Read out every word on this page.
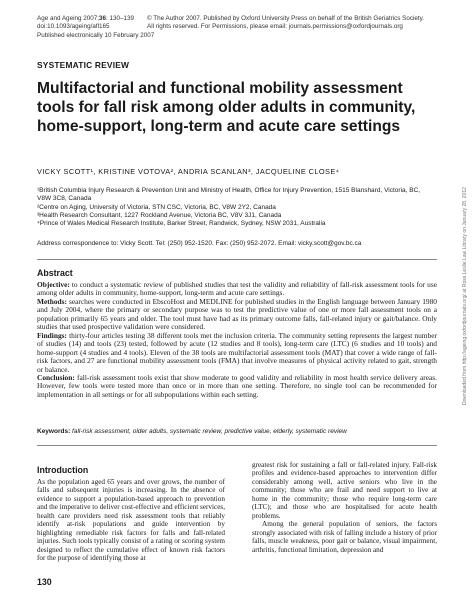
Age and Ageing 2007;36: 130–139 © The Author 2007. Published by Oxford University Press on behalf of the British Geriatrics Society.
doi:10.1093/ageing/afl165	All rights reserved. For Permissions, please email: journals.permissions@oxfordjournals.org
Published electronically 10 February 2007
SYSTEMATIC REVIEW
Multifactorial and functional mobility assessment tools for fall risk among older adults in community, home-support, long-term and acute care settings
VICKY SCOTT¹, KRISTINE VOTOVA², ANDRIA SCANLAN³, JACQUELINE CLOSE⁴

¹British Columbia Injury Research & Prevention Unit and Ministry of Health, Office for Injury Prevention, 1515 Blanshard, Victoria, BC, V8W 3C8, Canada

²Centre on Aging, University of Victoria, STN CSC, Victoria, BC, V8W 2Y2, Canada

³Health Research Consultant, 1227 Rockland Avenue, Victoria BC, V8V 3J1, Canada

⁴Prince of Wales Medical Research Institute, Barker Street, Randwick, Sydney, NSW 2031, Australia

Address correspondence to: Vicky Scott. Tel: (250) 952-1520. Fax: (250) 952-2072. Email: vicky.scott@gov.bc.ca
Abstract

Objective: to conduct a systematic review of published studies that test the validity and reliability of fall-risk assessment tools for use among older adults in community, home-support, long-term and acute care settings.

Methods: searches were conducted in EbscoHost and MEDLINE for published studies in the English language between January 1980 and July 2004, where the primary or secondary purpose was to test the predictive value of one or more fall assessment tools on a population primarily 65 years and older. The tool must have had as its primary outcome falls, fall-related injury or gait/balance. Only studies that used prospective validation were considered.

Findings: thirty-four articles testing 38 different tools met the inclusion criteria. The community setting represents the largest number of studies (14) and tools (23) tested, followed by acute (12 studies and 8 tools), long-term care (LTC) (6 studies and 10 tools) and home-support (4 studies and 4 tools). Eleven of the 38 tools are multifactorial assessment tools (MAT) that cover a wide range of fall-risk factors, and 27 are functional mobility assessment tools (FMA) that involve measures of physical activity related to gait, strength or balance.

Conclusion: fall-risk assessment tools exist that show moderate to good validity and reliability in most health service delivery areas. However, few tools were tested more than once or in more than one setting. Therefore, no single tool can be recommended for implementation in all settings or for all subpopulations within each setting.

Keywords: fall-risk assessment, older adults, systematic review, predictive value, elderly, systematic review
Introduction

As the population aged 65 years and over grows, the number of falls and subsequent injuries is increasing. In the absence of evidence to support a population-based approach to prevention and the imperative to deliver cost-effective and efficient services, health care providers need risk assessment tools that reliably identify at-risk populations and guide intervention by highlighting remediable risk factors for falls and fall-related injuries. Such tools typically consist of a rating or scoring system designed to reflect the cumulative effect of known risk factors for the purpose of identifying those at

greatest risk for sustaining a fall or fall-related injury. Fall-risk profiles and evidence-based approaches to intervention differ considerably among well, active seniors who live in the community; those who are frail and need support to live at home in the community; those who require long-term care (LTC); and those who are hospitalised for acute health problems.

Among the general population of seniors, the factors strongly associated with risk of falling include a history of prior falls, muscle weakness, poor gait or balance, visual impairment, arthritis, functional limitation, depression and

130
Downloaded from http://ageing.oxfordjournals.org/ at Ross Leslie Law Library on January 28, 2012
